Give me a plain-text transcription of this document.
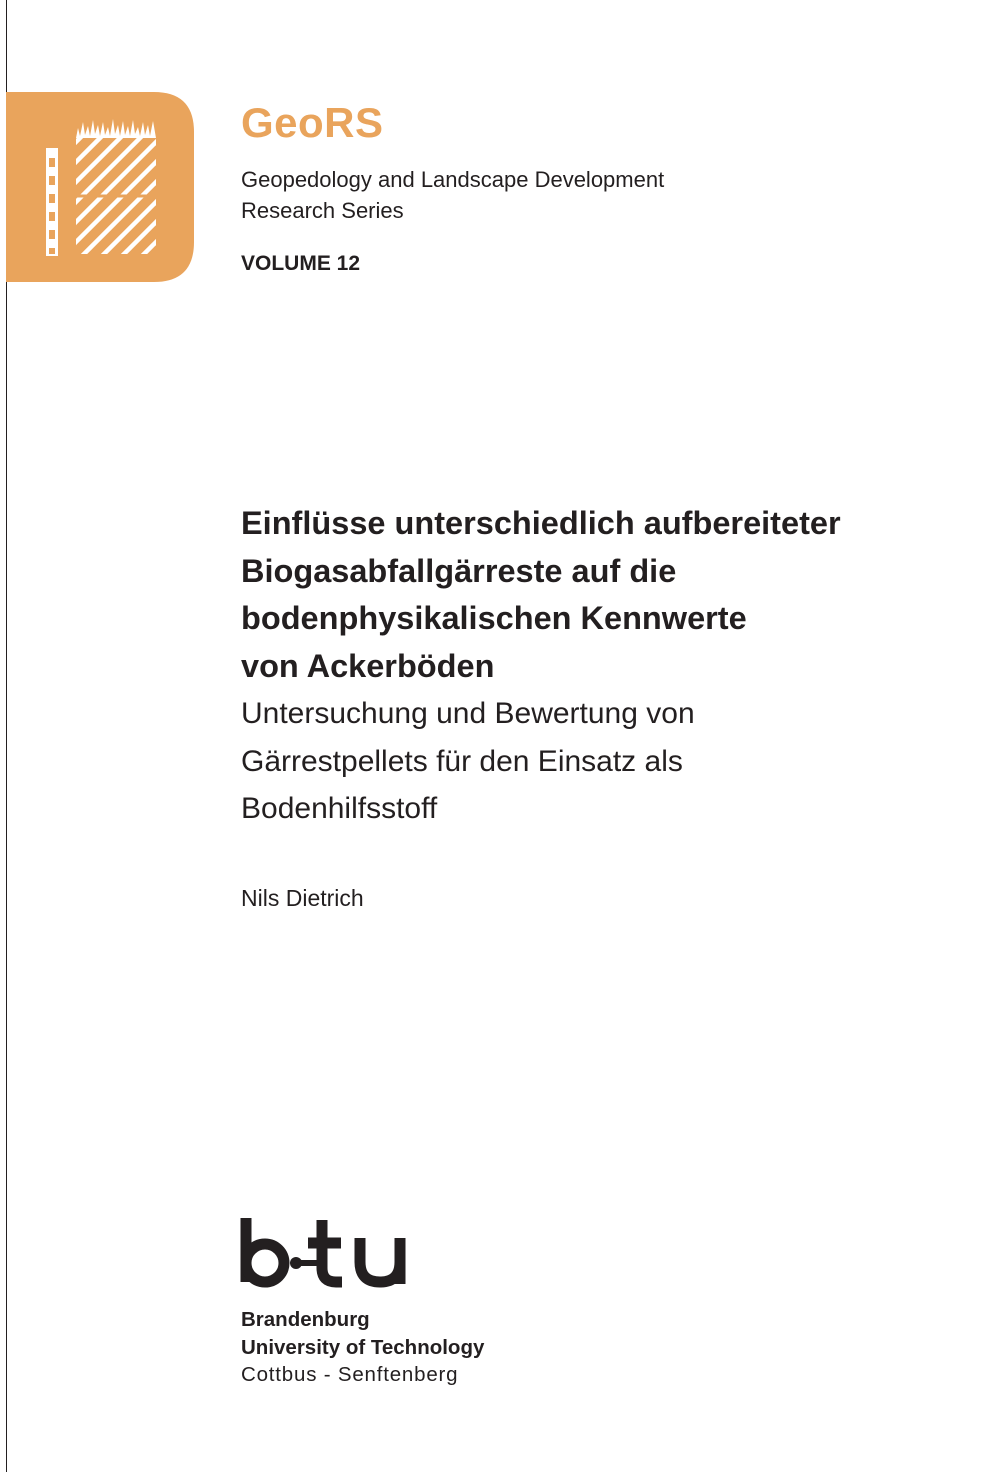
GeoRS
Geopedology and Landscape Development
Research Series
VOLUME 12
Einflüsse unterschiedlich aufbereiteter
Biogasabfallgärreste auf die
bodenphysikalischen Kennwerte
von Ackerböden
Untersuchung und Bewertung von
Gärrestpellets für den Einsatz als
Bodenhilfsstoff
Nils Dietrich
Brandenburg
University of Technology
Cottbus - Senftenberg
